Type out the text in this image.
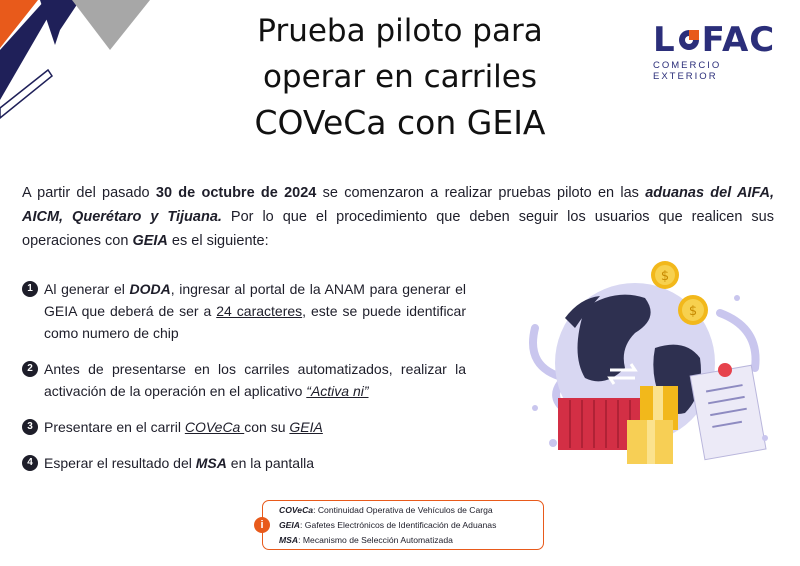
Prueba piloto para
operar en carriles
COVeCa con GEIA
L FAC
COMERCIO EXTERIOR
A partir del pasado 30 de octubre de 2024 se comenzaron a realizar pruebas piloto en las aduanas del AIFA, AICM, Querétaro y Tijuana. Por lo que el procedimiento que deben seguir los usuarios que realicen sus operaciones con GEIA es el siguiente:
1 Al generar el DODA, ingresar al portal de la ANAM para generar el GEIA que deberá de ser a 24 caracteres, este se puede identificar como numero de chip
2 Antes de presentarse en los carriles automatizados, realizar la activación de la operación en el aplicativo “Activa ni”
3 Presentare en el carril COVeCa con su GEIA
4 Esperar el resultado del MSA en la pantalla
$
$
i
COVeCa: Continuidad Operativa de Vehículos de Carga
GEIA: Gafetes Electrónicos de Identificación de Aduanas
MSA: Mecanismo de Selección Automatizada
